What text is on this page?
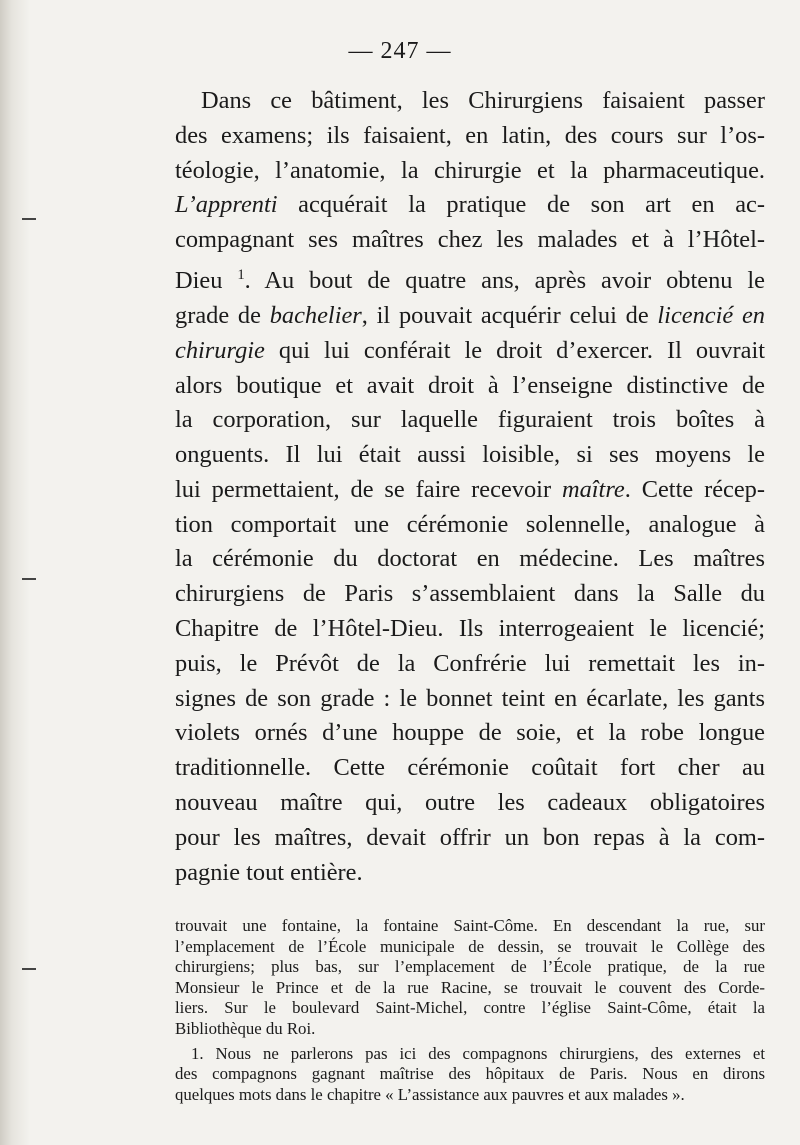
— 247 —
Dans ce bâtiment, les Chirurgiens faisaient passer
des examens; ils faisaient, en latin, des cours sur l’os-
téologie, l’anatomie, la chirurgie et la pharmaceutique.
L’apprenti acquérait la pratique de son art en ac-
compagnant ses maîtres chez les malades et à l’Hôtel-
Dieu $^1$. Au bout de quatre ans, après avoir obtenu le
grade de bachelier, il pouvait acquérir celui de licencié en
chirurgie qui lui conférait le droit d’exercer. Il ouvrait
alors boutique et avait droit à l’enseigne distinctive de
la corporation, sur laquelle figuraient trois boîtes à
onguents. Il lui était aussi loisible, si ses moyens le
lui permettaient, de se faire recevoir maître. Cette récep-
tion comportait une cérémonie solennelle, analogue à
la cérémonie du doctorat en médecine. Les maîtres
chirurgiens de Paris s’assemblaient dans la Salle du
Chapitre de l’Hôtel-Dieu. Ils interrogeaient le licencié;
puis, le Prévôt de la Confrérie lui remettait les in-
signes de son grade : le bonnet teint en écarlate, les gants
violets ornés d’une houppe de soie, et la robe longue
traditionnelle. Cette cérémonie coûtait fort cher au
nouveau maître qui, outre les cadeaux obligatoires
pour les maîtres, devait offrir un bon repas à la com-
pagnie tout entière.
trouvait une fontaine, la fontaine Saint-Côme. En descendant la rue, sur
l’emplacement de l’École municipale de dessin, se trouvait le Collège des
chirurgiens; plus bas, sur l’emplacement de l’École pratique, de la rue
Monsieur le Prince et de la rue Racine, se trouvait le couvent des Corde-
liers. Sur le boulevard Saint-Michel, contre l’église Saint-Côme, était la
Bibliothèque du Roi.
1. Nous ne parlerons pas ici des compagnons chirurgiens, des externes et
des compagnons gagnant maîtrise des hôpitaux de Paris. Nous en dirons
quelques mots dans le chapitre « L’assistance aux pauvres et aux malades ».
